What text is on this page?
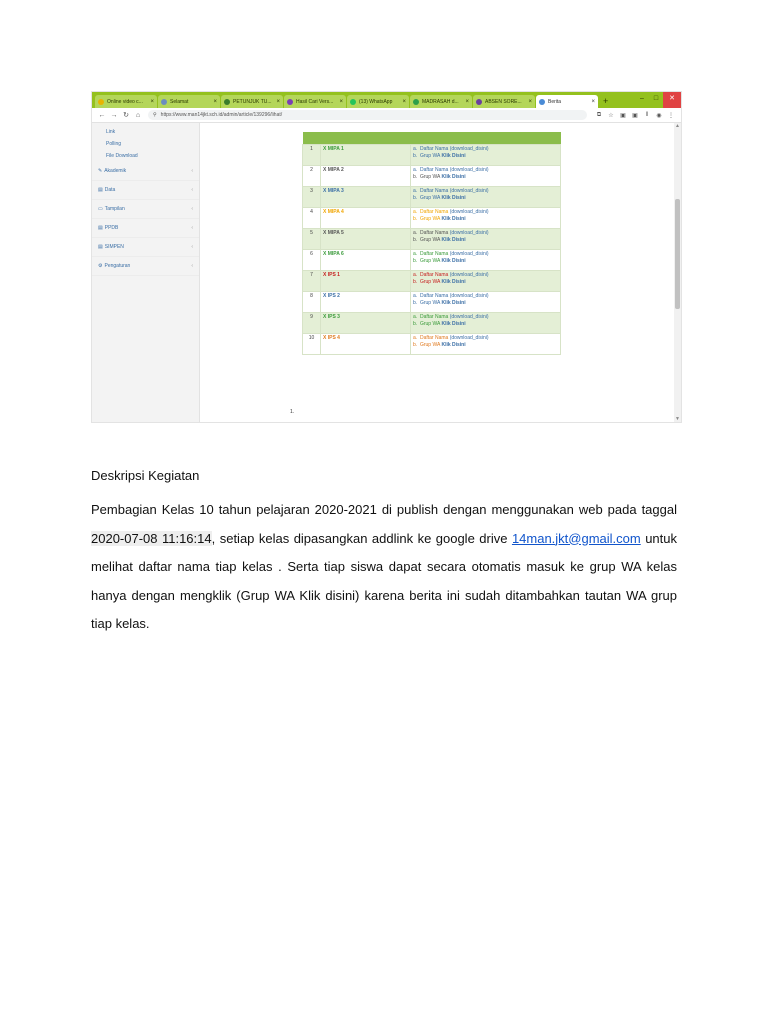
Online video c...	×	Selamat	×	PETUNJUK TU... ×	Hasil Cari Vers...	×	(13) WhatsApp	×	MADRASAH d...	×	ABSEN SORE...	×	Berita	× +	–	□	✕
← → ↻ ⌂	⚲ https://www.man14jkt.sch.id/admin/article/139296/lihat/	⧉	☆	▣	▣	‖	◉	⋮
Link
Polling
File Download
✎ Akademik	‹
▤ Data	‹
▭ Tampilan	‹
▤ PPDB	‹
▤ SIMPEN	‹
⚙ Pengaturan	‹

1	X MIPA 1	a. Daftar Nama (download_disini)
b. Grup WA Klik Disini

2	X MIPA 2	a. Daftar Nama (download_disini)
b. Grup WA Klik Disini

3	X MIPA 3	a. Daftar Nama (download_disini)
b. Grup WA Klik Disini

4	X MIPA 4	a. Daftar Nama (download_disini)
b. Grup WA Klik Disini

5	X MIPA 5	a. Daftar Nama (download_disini)
b. Grup WA Klik Disini

6	X MIPA 6	a. Daftar Nama (download_disini)
b. Grup WA Klik Disini

7	X IPS 1	a. Daftar Nama (download_disini)
b. Grup WA Klik Disini

8	X IPS 2	a. Daftar Nama (download_disini)
b. Grup WA Klik Disini

9	X IPS 3	a. Daftar Nama (download_disini)
b. Grup WA Klik Disini

10	X IPS 4	a. Daftar Nama (download_disini)
b. Grup WA Klik Disini
1.
▲
▼
Deskripsi Kegiatan
Pembagian Kelas 10 tahun pelajaran 2020-2021 di publish dengan menggunakan web pada taggal 2020-07-08 11:16:14, setiap kelas dipasangkan addlink ke google drive 14man.jkt@gmail.com untuk melihat daftar nama tiap kelas . Serta tiap siswa dapat secara otomatis masuk ke grup WA kelas hanya dengan mengklik (Grup WA Klik disini) karena berita ini sudah ditambahkan tautan WA grup tiap kelas.
